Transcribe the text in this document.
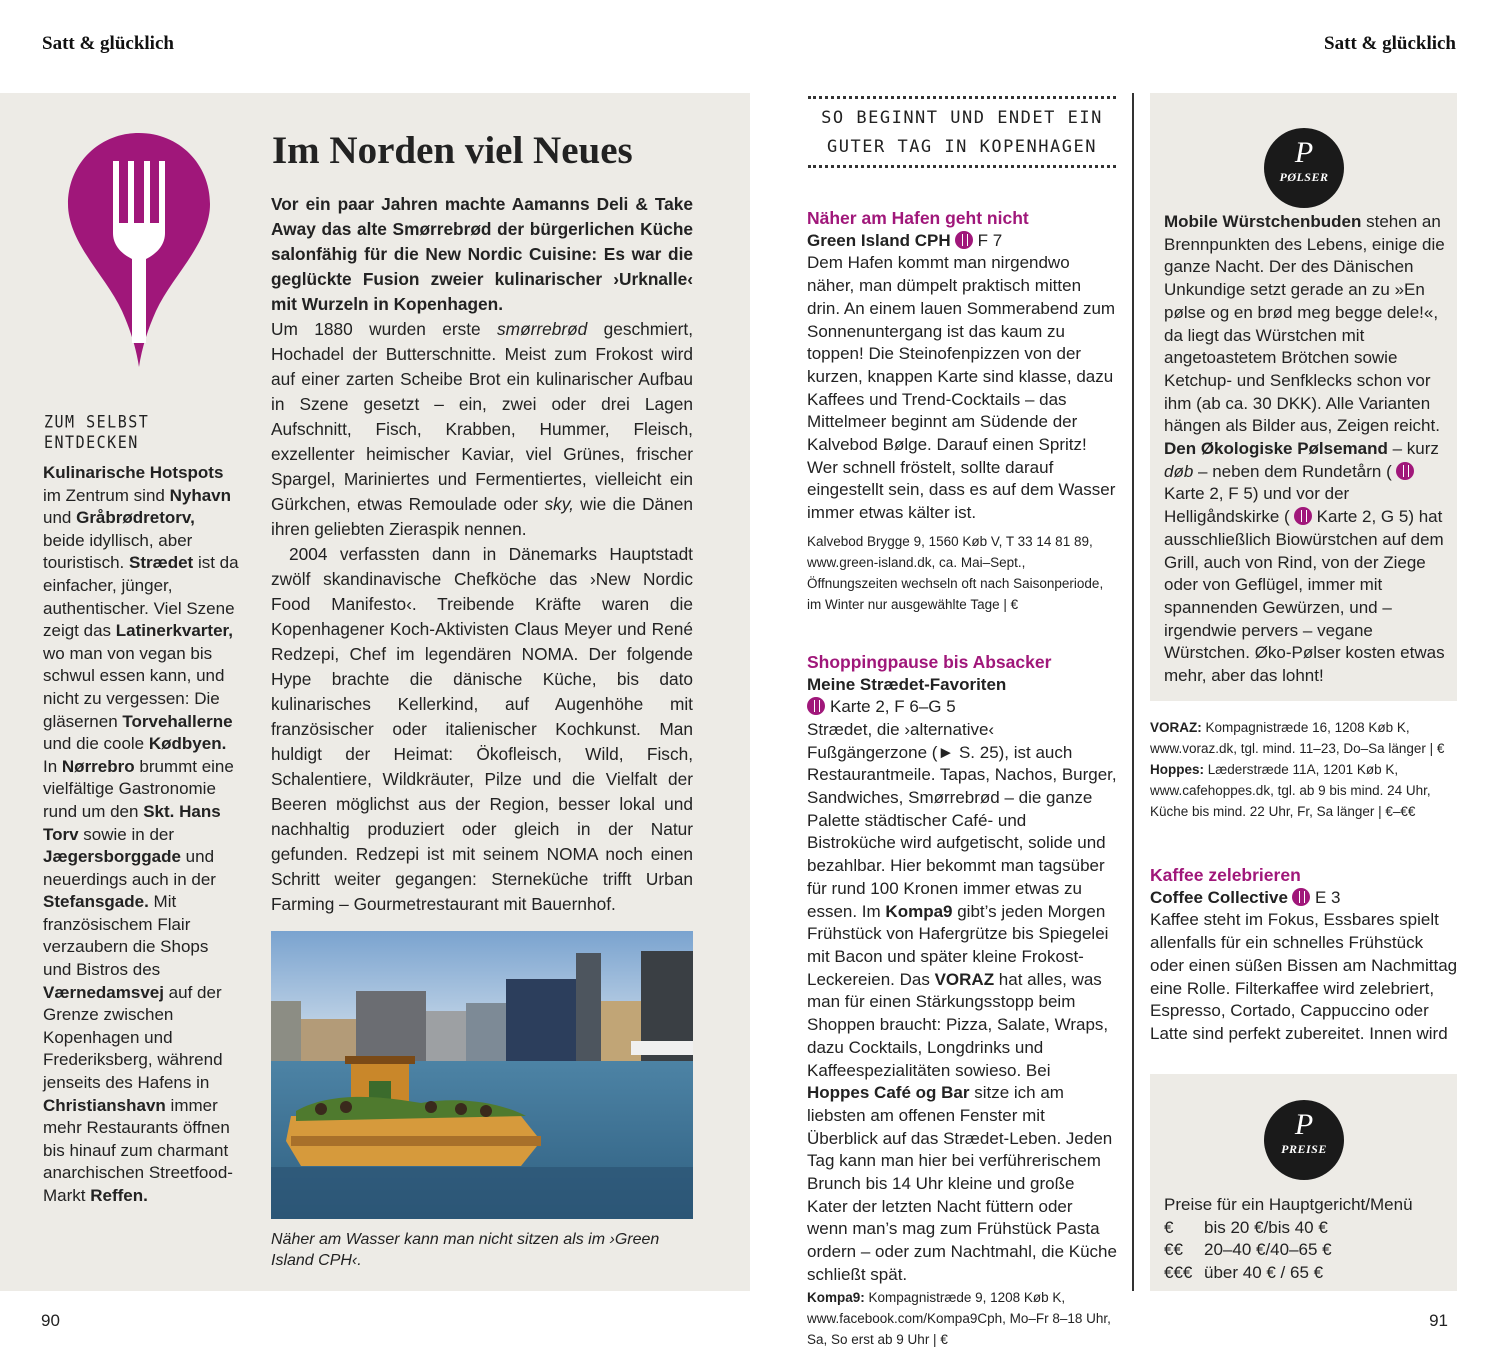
Satt & glücklich	Satt & glücklich
ZUM SELBST ENTDECKEN
Kulinarische Hotspots im Zentrum sind Nyhavn und Gråbrødretorv, beide idyllisch, aber touristisch. Strædet ist da einfacher, jünger, authentischer. Viel Szene zeigt das Latinerkvarter, wo man von vegan bis schwul essen kann, und nicht zu vergessen: Die gläsernen Torvehallerne und die coole Kødbyen. In Nørrebro brummt eine vielfältige Gastronomie rund um den Skt. Hans Torv sowie in der Jægersborggade und neuerdings auch in der Stefansgade. Mit französischem Flair verzaubern die Shops und Bistros des Værnedamsvej auf der Grenze zwischen Kopenhagen und Frederiksberg, während jenseits des Hafens in Christianshavn immer mehr Restaurants öffnen bis hinauf zum charmant anarchischen Streetfood-Markt Reffen.
Im Norden viel Neues

Vor ein paar Jahren machte Aamanns Deli & Take Away das alte Smørrebrød der bürgerlichen Küche salonfähig für die New Nordic Cuisine: Es war die geglückte Fusion zweier kulinarischer ›Urknalle‹ mit Wurzeln in Kopenhagen.

Um 1880 wurden erste smørrebrød geschmiert, Hochadel der Butterschnitte. Meist zum Frokost wird auf einer zarten Scheibe Brot ein kulinarischer Aufbau in Szene gesetzt – ein, zwei oder drei Lagen Aufschnitt, Fisch, Krabben, Hummer, Fleisch, exzellenter heimischer Kaviar, viel Grünes, frischer Spargel, Mariniertes und Fermentiertes, vielleicht ein Gürkchen, etwas Remoulade oder sky, wie die Dänen ihren geliebten Zieraspik nennen.

2004 verfassten dann in Dänemarks Hauptstadt zwölf skandinavische Chefköche das ›New Nordic Food Manifesto‹. Treibende Kräfte waren die Kopenhagener Koch-Aktivisten Claus Meyer und René Redzepi, Chef im legendären NOMA. Der folgende Hype brachte die dänische Küche, bis dato kulinarisches Kellerkind, auf Augenhöhe mit französischer oder italienischer Kochkunst. Man huldigt der Heimat: Ökofleisch, Wild, Fisch, Schalentiere, Wildkräuter, Pilze und die Vielfalt der Beeren möglichst aus der Region, besser lokal und nachhaltig produziert oder gleich in der Natur gefunden. Redzepi ist mit seinem NOMA noch einen Schritt weiter gegangen: Sterneküche trifft Urban Farming – Gourmetrestaurant mit Bauernhof.

Näher am Wasser kann man nicht sitzen als im ›Green Island CPH‹.
SO BEGINNT UND ENDET EIN GUTER TAG IN KOPENHAGEN
Näher am Hafen geht nicht
Green Island CPH F 7
Dem Hafen kommt man nirgendwo näher, man dümpelt praktisch mitten drin. An einem lauen Sommerabend zum Sonnenuntergang ist das kaum zu toppen! Die Steinofenpizzen von der kurzen, knappen Karte sind klasse, dazu Kaffees und Trend-Cocktails – das Mittelmeer beginnt am Südende der Kalvebod Bølge. Darauf einen Spritz! Wer schnell fröstelt, sollte darauf eingestellt sein, dass es auf dem Wasser immer etwas kälter ist.
Kalvebod Brygge 9, 1560 Køb V, T 33 14 81 89, www.green-island.dk, ca. Mai–Sept., Öffnungszeiten wechseln oft nach Saisonperiode, im Winter nur ausgewählte Tage | €
Shoppingpause bis Absacker
Meine Strædet-Favoriten
Karte 2, F 6–G 5
Strædet, die ›alternative‹ Fußgängerzone (► S. 25), ist auch Restaurantmeile. Tapas, Nachos, Burger, Sandwiches, Smørrebrød – die ganze Palette städtischer Café- und Bistroküche wird aufgetischt, solide und bezahlbar. Hier bekommt man tagsüber für rund 100 Kronen immer etwas zu essen. Im Kompa9 gibt’s jeden Morgen Frühstück von Hafergrütze bis Spiegelei mit Bacon und später kleine Frokost-Leckereien. Das VORAZ hat alles, was man für einen Stärkungsstopp beim Shoppen braucht: Pizza, Salate, Wraps, dazu Cocktails, Longdrinks und Kaffeespezialitäten sowieso. Bei Hoppes Café og Bar sitze ich am liebsten am offenen Fenster mit Überblick auf das Strædet-Leben. Jeden Tag kann man hier bei verführerischem Brunch bis 14 Uhr kleine und große Kater der letzten Nacht füttern oder wenn man’s mag zum Frühstück Pasta ordern – oder zum Nachtmahl, die Küche schließt spät.
Kompa9: Kompagnistræde 9, 1208 Køb K, www.facebook.com/Kompa9Cph, Mo–Fr 8–18 Uhr, Sa, So erst ab 9 Uhr | €
P
PØLSER
Mobile Würstchenbuden stehen an Brennpunkten des Lebens, einige die ganze Nacht. Der des Dänischen Unkundige setzt gerade an zu »En pølse og en brød meg begge dele!«, da liegt das Würstchen mit angetoastetem Brötchen sowie Ketchup- und Senfklecks schon vor ihm (ab ca. 30 DKK). Alle Varianten hängen als Bilder aus, Zeigen reicht. Den Økologiske Pølsemand – kurz døb – neben dem Rundetårn (Karte 2, F 5) und vor der Helligåndskirke ( Karte 2, G 5) hat ausschließlich Biowürstchen auf dem Grill, auch von Rind, von der Ziege oder von Geflügel, immer mit spannenden Gewürzen, und – irgendwie pervers – vegane Würstchen. Øko-Pølser kosten etwas mehr, aber das lohnt!
VORAZ: Kompagnistræde 16, 1208 Køb K, www.voraz.dk, tgl. mind. 11–23, Do–Sa länger | €
Hoppes: Læderstræde 11A, 1201 Køb K, www.cafehoppes.dk, tgl. ab 9 bis mind. 24 Uhr, Küche bis mind. 22 Uhr, Fr, Sa länger | €–€€
Kaffee zelebrieren
Coffee Collective E 3
Kaffee steht im Fokus, Essbares spielt allenfalls für ein schnelles Frühstück oder einen süßen Bissen am Nachmittag eine Rolle. Filterkaffee wird zelebriert, Espresso, Cortado, Cappuccino oder Latte sind perfekt zubereitet. Innen wird
P
PREISE
Preise für ein Hauptgericht/Menü
€	bis 20 €/bis 40 €
€€	20–40 €/40–65 €
€€€ über 40 € / 65 €
90	91
